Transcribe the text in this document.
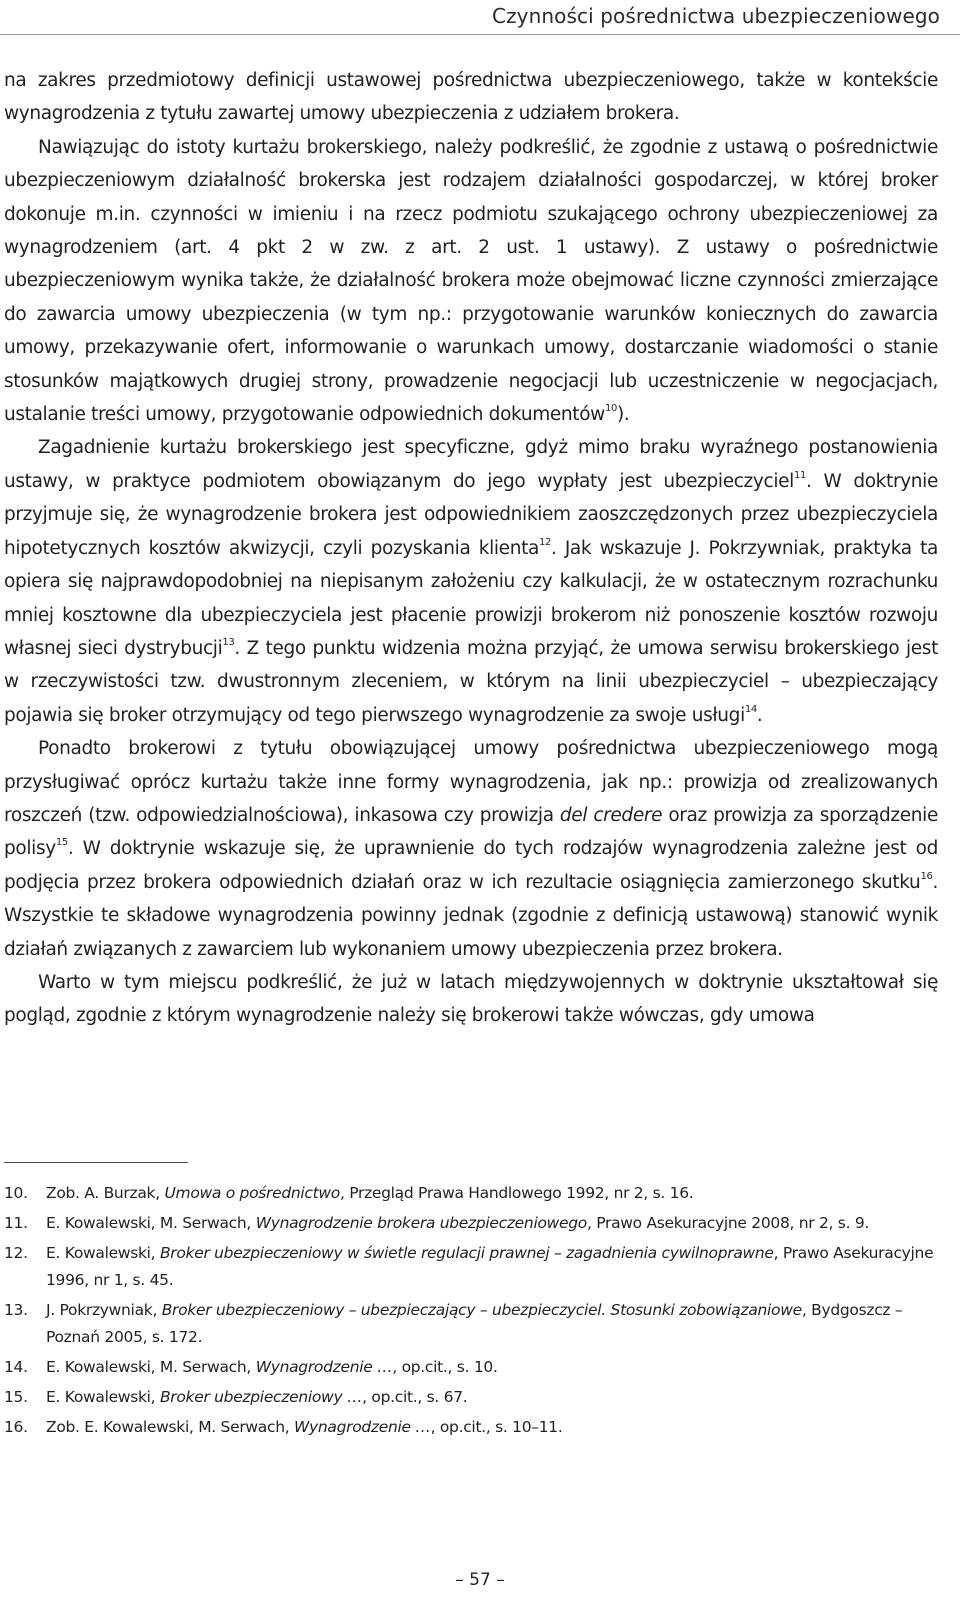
Czynności pośrednictwa ubezpieczeniowego

na zakres przedmiotowy definicji ustawowej pośrednictwa ubezpieczeniowego, także w kontekście wynagrodzenia z tytułu zawartej umowy ubezpieczenia z udziałem brokera.

Nawiązując do istoty kurtażu brokerskiego, należy podkreślić, że zgodnie z ustawą o pośrednictwie ubezpieczeniowym działalność brokerska jest rodzajem działalności gospodarczej, w której broker dokonuje m.in. czynności w imieniu i na rzecz podmiotu szukającego ochrony ubezpieczeniowej za wynagrodzeniem (art. 4 pkt 2 w zw. z art. 2 ust. 1 ustawy). Z ustawy o pośrednictwie ubezpieczeniowym wynika także, że działalność brokera może obejmować liczne czynności zmierzające do zawarcia umowy ubezpieczenia (w tym np.: przygotowanie warunków koniecznych do zawarcia umowy, przekazywanie ofert, informowanie o warunkach umowy, dostarczanie wiadomości o stanie stosunków majątkowych drugiej strony, prowadzenie negocjacji lub uczestniczenie w negocjacjach, ustalanie treści umowy, przygotowanie odpowiednich dokumentów$^{10}$).

Zagadnienie kurtażu brokerskiego jest specyficzne, gdyż mimo braku wyraźnego postanowienia ustawy, w praktyce podmiotem obowiązanym do jego wypłaty jest ubezpieczyciel$^{11}$. W doktrynie przyjmuje się, że wynagrodzenie brokera jest odpowiednikiem zaoszczędzonych przez ubezpieczyciela hipotetycznych kosztów akwizycji, czyli pozyskania klienta$^{12}$. Jak wskazuje J. Pokrzywniak, praktyka ta opiera się najprawdopodobniej na niepisanym założeniu czy kalkulacji, że w ostatecznym rozrachunku mniej kosztowne dla ubezpieczyciela jest płacenie prowizji brokerom niż ponoszenie kosztów rozwoju własnej sieci dystrybucji$^{13}$. Z tego punktu widzenia można przyjąć, że umowa serwisu brokerskiego jest w rzeczywistości tzw. dwustronnym zleceniem, w którym na linii ubezpieczyciel – ubezpieczający pojawia się broker otrzymujący od tego pierwszego wynagrodzenie za swoje usługi$^{14}$.

Ponadto brokerowi z tytułu obowiązującej umowy pośrednictwa ubezpieczeniowego mogą przysługiwać oprócz kurtażu także inne formy wynagrodzenia, jak np.: prowizja od zrealizowanych roszczeń (tzw. odpowiedzialnościowa), inkasowa czy prowizja del credere oraz prowizja za sporządzenie polisy$^{15}$. W doktrynie wskazuje się, że uprawnienie do tych rodzajów wynagrodzenia zależne jest od podjęcia przez brokera odpowiednich działań oraz w ich rezultacie osiągnięcia zamierzonego skutku$^{16}$. Wszystkie te składowe wynagrodzenia powinny jednak (zgodnie z definicją ustawową) stanowić wynik działań związanych z zawarciem lub wykonaniem umowy ubezpieczenia przez brokera.

Warto w tym miejscu podkreślić, że już w latach międzywojennych w doktrynie ukształtował się pogląd, zgodnie z którym wynagrodzenie należy się brokerowi także wówczas, gdy umowa

10.	Zob. A. Burzak, Umowa o pośrednictwo, Przegląd Prawa Handlowego 1992, nr 2, s. 16.
11.	E. Kowalewski, M. Serwach, Wynagrodzenie brokera ubezpieczeniowego, Prawo Asekuracyjne 2008, nr 2, s. 9.
12.	E. Kowalewski, Broker ubezpieczeniowy w świetle regulacji prawnej – zagadnienia cywilnoprawne, Prawo Asekuracyjne 1996, nr 1, s. 45.
13.	J. Pokrzywniak, Broker ubezpieczeniowy – ubezpieczający – ubezpieczyciel. Stosunki zobowiązaniowe, Bydgoszcz – Poznań 2005, s. 172.
14.	E. Kowalewski, M. Serwach, Wynagrodzenie …, op.cit., s. 10.
15.	E. Kowalewski, Broker ubezpieczeniowy …, op.cit., s. 67.
16.	Zob. E. Kowalewski, M. Serwach, Wynagrodzenie …, op.cit., s. 10–11.
– 57 –
